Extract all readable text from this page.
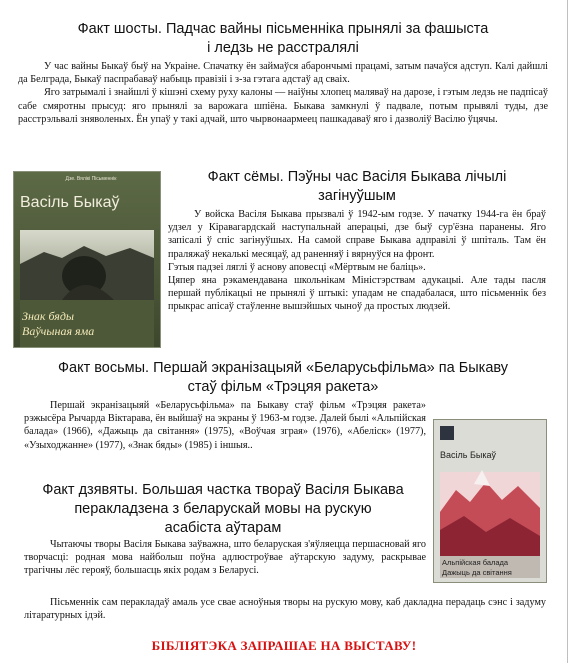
Факт шосты. Падчас вайны пісьменніка прынялі за фашыста

і ледзь не расстралялі

У час вайны Быкаў быў на Украіне. Спачатку ён займаўся абарончымі працамі, затым пачаўся адступ. Калі дайшлі да Белграда, Быкаў паспрабаваў набыць правізіі і з-за гэтага адстаў ад сваіх.

Яго затрымалі і знайшлі ў кішэні схему руху калоны — наіўны хлопец маляваў на дарозе, і гэтым ледзь не падпісаў сабе смяротны прысуд: яго прынялі за варожага шпіёна. Быкава замкнулі ў падвале, потым прывялі туды, дзе расстрэльвалі зняволеных. Ён упаў у такі адчай, што чырвонаармеец пашкадаваў яго і дазволіў Васілю ўцячы.

Дзе. Вялікі Пісьменнік
Васіль Быкаў
Знак бяды
Ваўчыная яма

Факт сёмы. Пэўны час Васіля Быкава лічылі

загінуўшым

У войска Васіля Быкава прызвалі ў 1942-ым годзе. У пачатку 1944-га ён браў удзел у Кіравагардскай наступальнай аперацыі, дзе быў сур'ёзна паранены. Яго запісалі ў спіс загінуўшых. На самой справе Быкава адправілі ў шпіталь. Там ён праляжаў некалькі месяцаў, ад раненняў і вярнуўся на фронт.

Гэтыя падзеі ляглі ў аснову аповесці «Мёртвым не баліць».

Цяпер яна рэкамендавана школьнікам Міністэрствам адукацыі. Але тады пасля першай публікацыі не прынялі ў штыкі: упадам не спадабалася, што пісьменнік без прыкрас апісаў стаўленне вышэйшых чыноў да простых людзей.

Факт восьмы. Першай экранізацыяй «Беларусьфільма» па Быкаву

стаў фільм «Трэцяя ракета»

Першай экранізацыяй «Беларусьфільма» па Быкаву стаў фільм «Трэцяя ракета» рэжысёра Рычарда Віктарава, ён выйшаў на экраны ў 1963-м годзе. Далей былі «Альпійская балада» (1966), «Дажыць да світання» (1975), «Воўчая зграя» (1976), «Абеліск» (1977), «Узыходжанне» (1977), «Знак бяды» (1985) і іншыя..

Васіль Быкаў
Альпійская балада
Дажыць да світання

Факт дзявяты. Большая частка твораў Васіля Быкава

перакладзена з беларускай мовы на рускую

асабіста аўтарам

Чытаючы творы Васіля Быкава заўважна, што беларуская з'яўляецца першасновай яго творчасці: родная мова найбольш поўна адлюстроўвае аўтарскую задуму, раскрывае трагічны лёс герояў, большасць якіх родам з Беларусі.

Пісьменнік сам перакладаў амаль усе свае асноўныя творы на рускую мову, каб дакладна перадаць сэнс і задуму літаратурных ідэй.

БІБЛІЯТЭКА ЗАПРАШАЕ НА ВЫСТАВУ!
